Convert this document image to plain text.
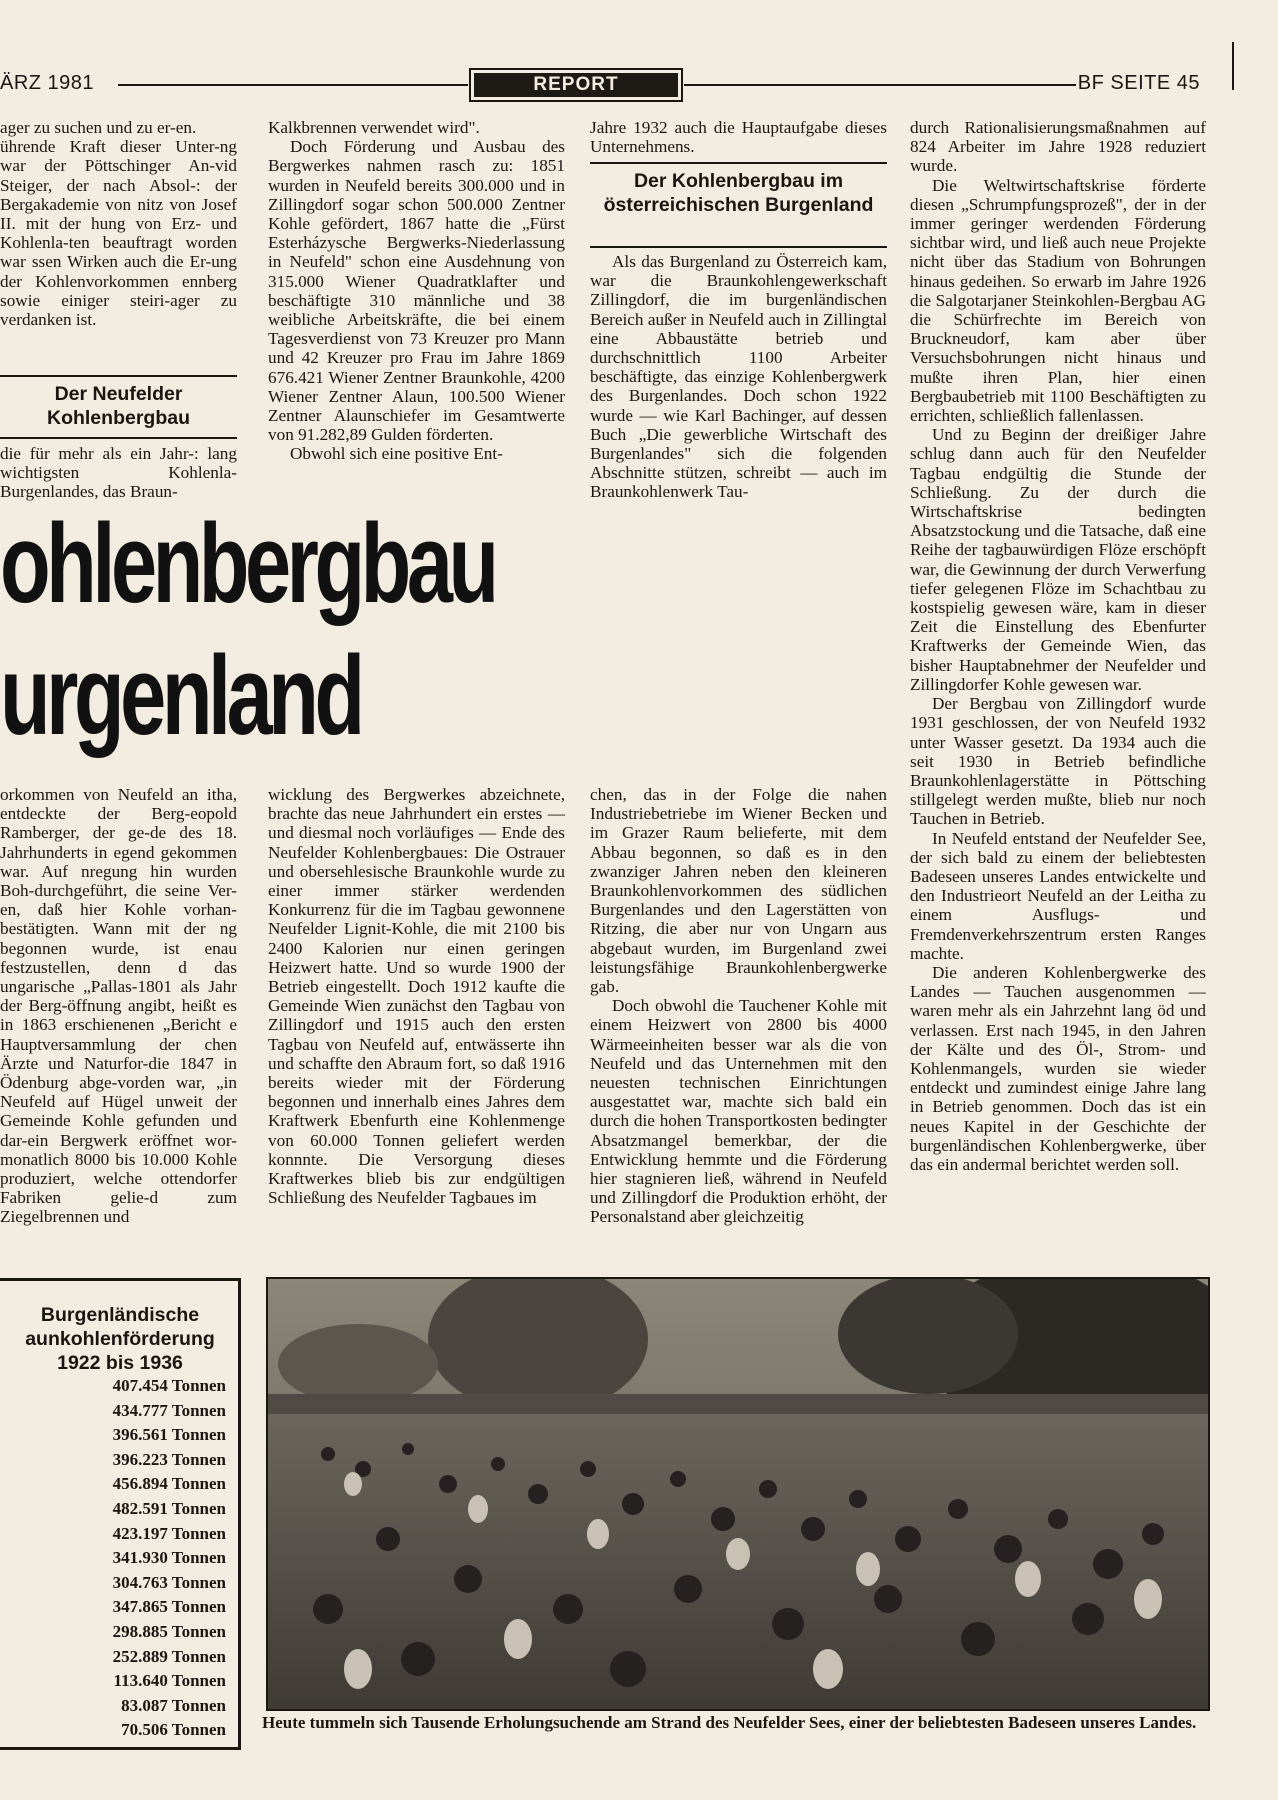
ÄRZ 1981	REPORT	BF SEITE 45

ager zu suchen und zu er-en.

ührende Kraft dieser Unter-ng war der Pöttschinger An-vid Steiger, der nach Absol-: der Bergakademie von nitz von Josef II. mit der hung von Erz- und Kohlenla-ten beauftragt worden war ssen Wirken auch die Er-ung der Kohlenvorkommen ennberg sowie einiger steiri-ager zu verdanken ist.

Der Neufelder Kohlenbergbau

die für mehr als ein Jahr-: lang wichtigsten Kohlenla- Burgenlandes, das Braun-

Kalkbrennen verwendet wird".

Doch Förderung und Ausbau des Bergwerkes nahmen rasch zu: 1851 wurden in Neufeld bereits 300.000 und in Zillingdorf sogar schon 500.000 Zentner Kohle gefördert, 1867 hatte die „Fürst Esterházysche Bergwerks-Niederlassung in Neufeld" schon eine Ausdehnung von 315.000 Wiener Quadratklafter und beschäftigte 310 männliche und 38 weibliche Arbeitskräfte, die bei einem Tagesverdienst von 73 Kreuzer pro Mann und 42 Kreuzer pro Frau im Jahre 1869 676.421 Wiener Zentner Braunkohle, 4200 Wiener Zentner Alaun, 100.500 Wiener Zentner Alaunschiefer im Gesamtwerte von 91.282,89 Gulden förderten.

Obwohl sich eine positive Ent-

Jahre 1932 auch die Hauptaufgabe dieses Unternehmens.

Der Kohlenbergbau im österreichischen Burgenland

Als das Burgenland zu Österreich kam, war die Braunkohlengewerkschaft Zillingdorf, die im burgenländischen Bereich außer in Neufeld auch in Zillingtal eine Abbaustätte betrieb und durchschnittlich 1100 Arbeiter beschäftigte, das einzige Kohlenbergwerk des Burgenlandes. Doch schon 1922 wurde — wie Karl Bachinger, auf dessen Buch „Die gewerbliche Wirtschaft des Burgenlandes" sich die folgenden Abschnitte stützen, schreibt — auch im Braunkohlenwerk Tau-

durch Rationalisierungsmaßnahmen auf 824 Arbeiter im Jahre 1928 reduziert wurde.

Die Weltwirtschaftskrise förderte diesen „Schrumpfungsprozeß", der in der immer geringer werdenden Förderung sichtbar wird, und ließ auch neue Projekte nicht über das Stadium von Bohrungen hinaus gedeihen. So erwarb im Jahre 1926 die Salgotarjaner Steinkohlen-Bergbau AG die Schürfrechte im Bereich von Bruckneudorf, kam aber über Versuchsbohrungen nicht hinaus und mußte ihren Plan, hier einen Bergbaubetrieb mit 1100 Beschäftigten zu errichten, schließlich fallenlassen.

Und zu Beginn der dreißiger Jahre schlug dann auch für den Neufelder Tagbau endgültig die Stunde der Schließung. Zu der durch die Wirtschaftskrise bedingten Absatzstockung und die Tatsache, daß eine Reihe der tagbauwürdigen Flöze erschöpft war, die Gewinnung der durch Verwerfung tiefer gelegenen Flöze im Schachtbau zu kostspielig gewesen wäre, kam in dieser Zeit die Einstellung des Ebenfurter Kraftwerks der Gemeinde Wien, das bisher Hauptabnehmer der Neufelder und Zillingdorfer Kohle gewesen war.

Der Bergbau von Zillingdorf wurde 1931 geschlossen, der von Neufeld 1932 unter Wasser gesetzt. Da 1934 auch die seit 1930 in Betrieb befindliche Braunkohlenlagerstätte in Pöttsching stillgelegt werden mußte, blieb nur noch Tauchen in Betrieb.

In Neufeld entstand der Neufelder See, der sich bald zu einem der beliebtesten Badeseen unseres Landes entwickelte und den Industrieort Neufeld an der Leitha zu einem Ausflugs- und Fremdenverkehrszentrum ersten Ranges machte.

Die anderen Kohlenbergwerke des Landes — Tauchen ausgenommen — waren mehr als ein Jahrzehnt lang öd und verlassen. Erst nach 1945, in den Jahren der Kälte und des Öl-, Strom- und Kohlenmangels, wurden sie wieder entdeckt und zumindest einige Jahre lang in Betrieb genommen. Doch das ist ein neues Kapitel in der Geschichte der burgenländischen Kohlenbergwerke, über das ein andermal berichtet werden soll.

ohlenbergbau
urgenland

orkommen von Neufeld an itha, entdeckte der Berg-eopold Ramberger, der ge-de des 18. Jahrhunderts in egend gekommen war. Auf nregung hin wurden Boh-durchgeführt, die seine Ver-en, daß hier Kohle vorhan-bestätigten. Wann mit der ng begonnen wurde, ist enau festzustellen, denn d das ungarische „Pallas-1801 als Jahr der Berg-öffnung angibt, heißt es in 1863 erschienenen „Bericht e Hauptversammlung der chen Ärzte und Naturfor-die 1847 in Ödenburg abge-vorden war, „in Neufeld auf Hügel unweit der Gemeinde Kohle gefunden und dar-ein Bergwerk eröffnet wor-monatlich 8000 bis 10.000 Kohle produziert, welche ottendorfer Fabriken gelie-d zum Ziegelbrennen und

wicklung des Bergwerkes abzeichnete, brachte das neue Jahrhundert ein erstes — und diesmal noch vorläufiges — Ende des Neufelder Kohlenbergbaues: Die Ostrauer und obersehlesische Braunkohle wurde zu einer immer stärker werdenden Konkurrenz für die im Tagbau gewonnene Neufelder Lignit-Kohle, die mit 2100 bis 2400 Kalorien nur einen geringen Heizwert hatte. Und so wurde 1900 der Betrieb eingestellt. Doch 1912 kaufte die Gemeinde Wien zunächst den Tagbau von Zillingdorf und 1915 auch den ersten Tagbau von Neufeld auf, entwässerte ihn und schaffte den Abraum fort, so daß 1916 bereits wieder mit der Förderung begonnen und innerhalb eines Jahres dem Kraftwerk Ebenfurth eine Kohlenmenge von 60.000 Tonnen geliefert werden konnnte. Die Versorgung dieses Kraftwerkes blieb bis zur endgültigen Schließung des Neufelder Tagbaues im

chen, das in der Folge die nahen Industriebetriebe im Wiener Becken und im Grazer Raum belieferte, mit dem Abbau begonnen, so daß es in den zwanziger Jahren neben den kleineren Braunkohlenvorkommen des südlichen Burgenlandes und den Lagerstätten von Ritzing, die aber nur von Ungarn aus abgebaut wurden, im Burgenland zwei leistungsfähige Braunkohlenbergwerke gab.

Doch obwohl die Tauchener Kohle mit einem Heizwert von 2800 bis 4000 Wärmeeinheiten besser war als die von Neufeld und das Unternehmen mit den neuesten technischen Einrichtungen ausgestattet war, machte sich bald ein durch die hohen Transportkosten bedingter Absatzmangel bemerkbar, der die Entwicklung hemmte und die Förderung hier stagnieren ließ, während in Neufeld und Zillingdorf die Produktion erhöht, der Personalstand aber gleichzeitig

Burgenländische aunkohlenförderung 1922 bis 1936
407.454 Tonnen
434.777 Tonnen
396.561 Tonnen
396.223 Tonnen
456.894 Tonnen
482.591 Tonnen
423.197 Tonnen
341.930 Tonnen
304.763 Tonnen
347.865 Tonnen
298.885 Tonnen
252.889 Tonnen
113.640 Tonnen
83.087 Tonnen
70.506 Tonnen Heute tummeln sich Tausende Erholungsuchende am Strand des Neufelder Sees, einer der beliebtesten Badeseen unseres Landes.
